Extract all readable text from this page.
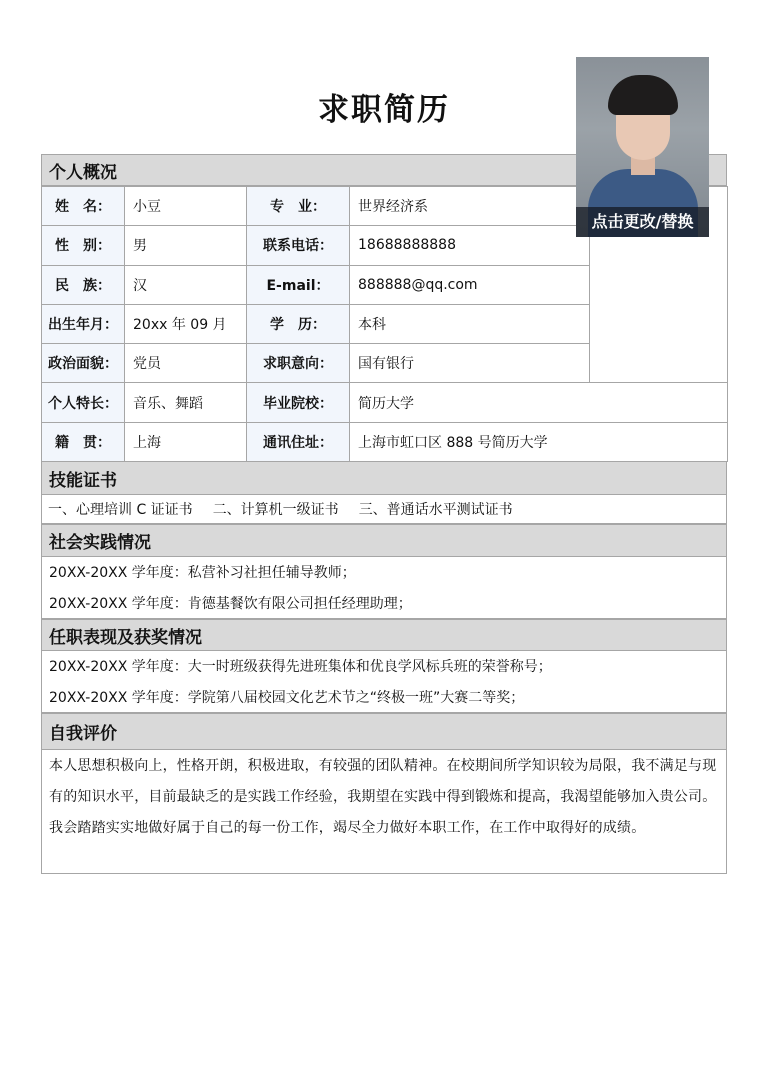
求职简历
个人概况
姓　名：	小豆	专　业：	世界经济系	
性　别：	男	联系电话：	18688888888	
民　族：	汉	E-mail：	888888@qq.com	
出生年月：	20xx 年 09 月	学　历：	本科	
政治面貌：	党员	求职意向：	国有银行	
个人特长：	音乐、舞蹈	毕业院校：	简历大学	
籍　贯：	上海	通讯住址：	上海市虹口区 888 号简历大学	
技能证书
一、心理培训 C 证证书 二、计算机一级证书 三、普通话水平测试证书
社会实践情况
20XX-20XX 学年度：私营补习社担任辅导教师；
20XX-20XX 学年度：肯德基餐饮有限公司担任经理助理；
任职表现及获奖情况
20XX-20XX 学年度：大一时班级获得先进班集体和优良学风标兵班的荣誉称号；
20XX-20XX 学年度：学院第八届校园文化艺术节之“终极一班”大赛二等奖；
自我评价
本人思想积极向上，性格开朗，积极进取，有较强的团队精神。在校期间所学知识较为局限，我不满足与现有的知识水平，目前最缺乏的是实践工作经验，我期望在实践中得到锻炼和提高，我渴望能够加入贵公司。我会踏踏实实地做好属于自己的每一份工作，竭尽全力做好本职工作，在工作中取得好的成绩。
点击更改/替换
